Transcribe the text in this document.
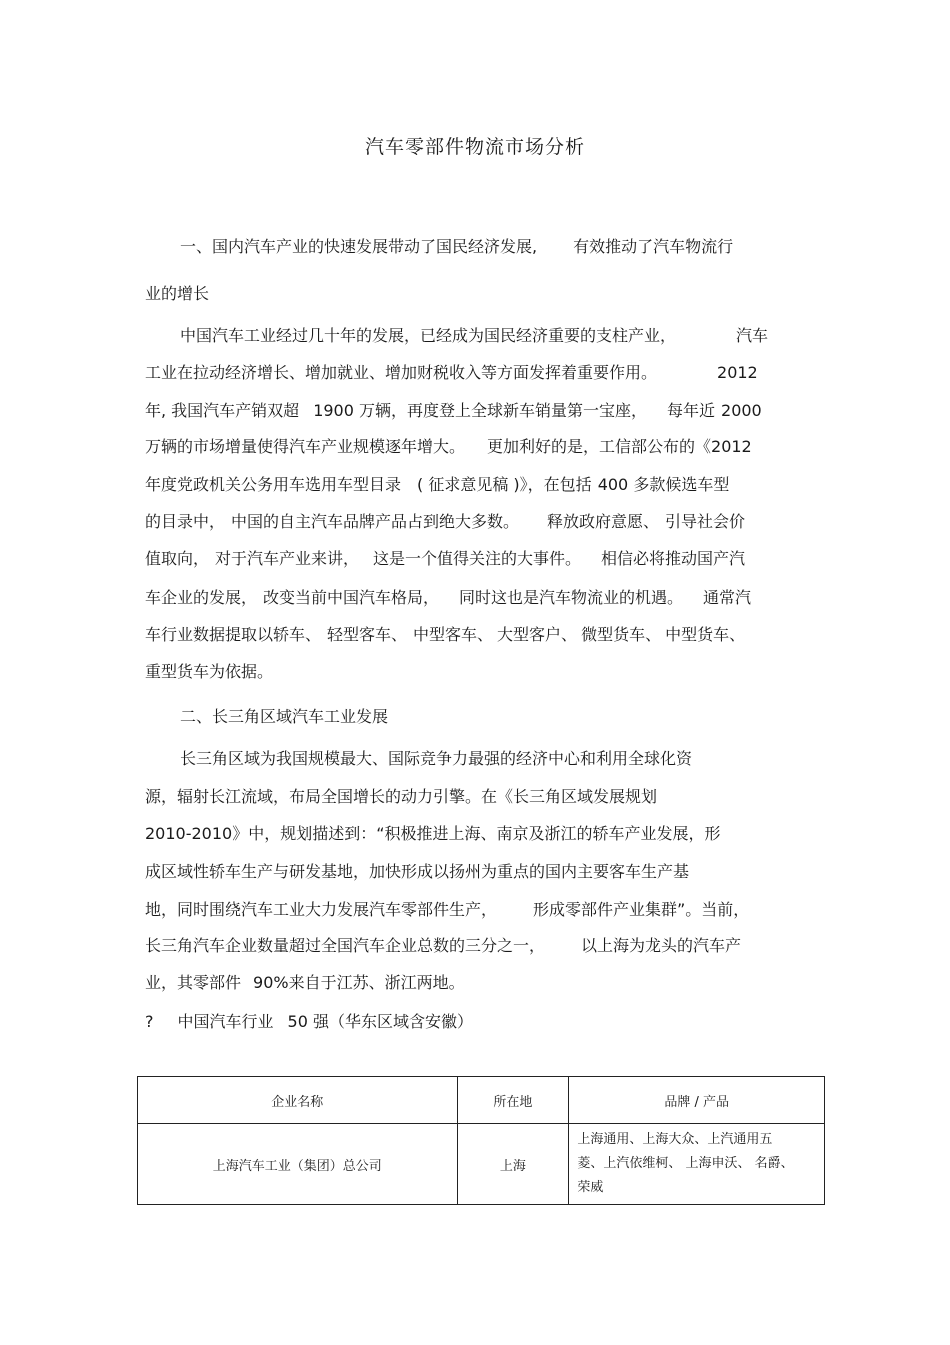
汽车零部件物流市场分析
一、国内汽车产业的快速发展带动了国民经济发展, 有效推动了汽车物流行
业的增长
中国汽车工业经过几十年的发展，已经成为国民经济重要的支柱产业，	汽车
工业在拉动经济增长、增加就业、增加财税收入等方面发挥着重要作用。	2012
年, 我国汽车产销双超 1900 万辆，再度登上全球新车销量第一宝座， 每年近 2000
万辆的市场增量使得汽车产业规模逐年增大。 更加利好的是，工信部公布的《2012
年度党政机关公务用车选用车型目录 ( 征求意见稿 )》，在包括 400 多款候选车型
的目录中， 中国的自主汽车品牌产品占到绝大多数。 释放政府意愿、 引导社会价
值取向， 对于汽车产业来讲， 这是一个值得关注的大事件。 相信必将推动国产汽
车企业的发展， 改变当前中国汽车格局， 同时这也是汽车物流业的机遇。 通常汽
车行业数据提取以轿车、 轻型客车、 中型客车、 大型客户、 微型货车、 中型货车、
重型货车为依据。
二、长三角区域汽车工业发展
长三角区域为我国规模最大、国际竞争力最强的经济中心和利用全球化资
源，辐射长江流域，布局全国增长的动力引擎。在《长三角区域发展规划
2010-2010》中，规划描述到：“积极推进上海、南京及浙江的轿车产业发展，形
成区域性轿车生产与研发基地，加快形成以扬州为重点的国内主要客车生产基
地，同时围绕汽车工业大力发展汽车零部件生产， 形成零部件产业集群”。当前，
长三角汽车企业数量超过全国汽车企业总数的三分之一， 以上海为龙头的汽车产
业，其零部件 90%来自于江苏、浙江两地。
? 中国汽车行业 50 强（华东区域含安徽）
企业名称	所在地	品牌 / 产品
上海汽车工业（集团）总公司	上海	上海通用、上海大众、上汽通用五
菱、上汽依维柯、 上海申沃、 名爵、
荣威
